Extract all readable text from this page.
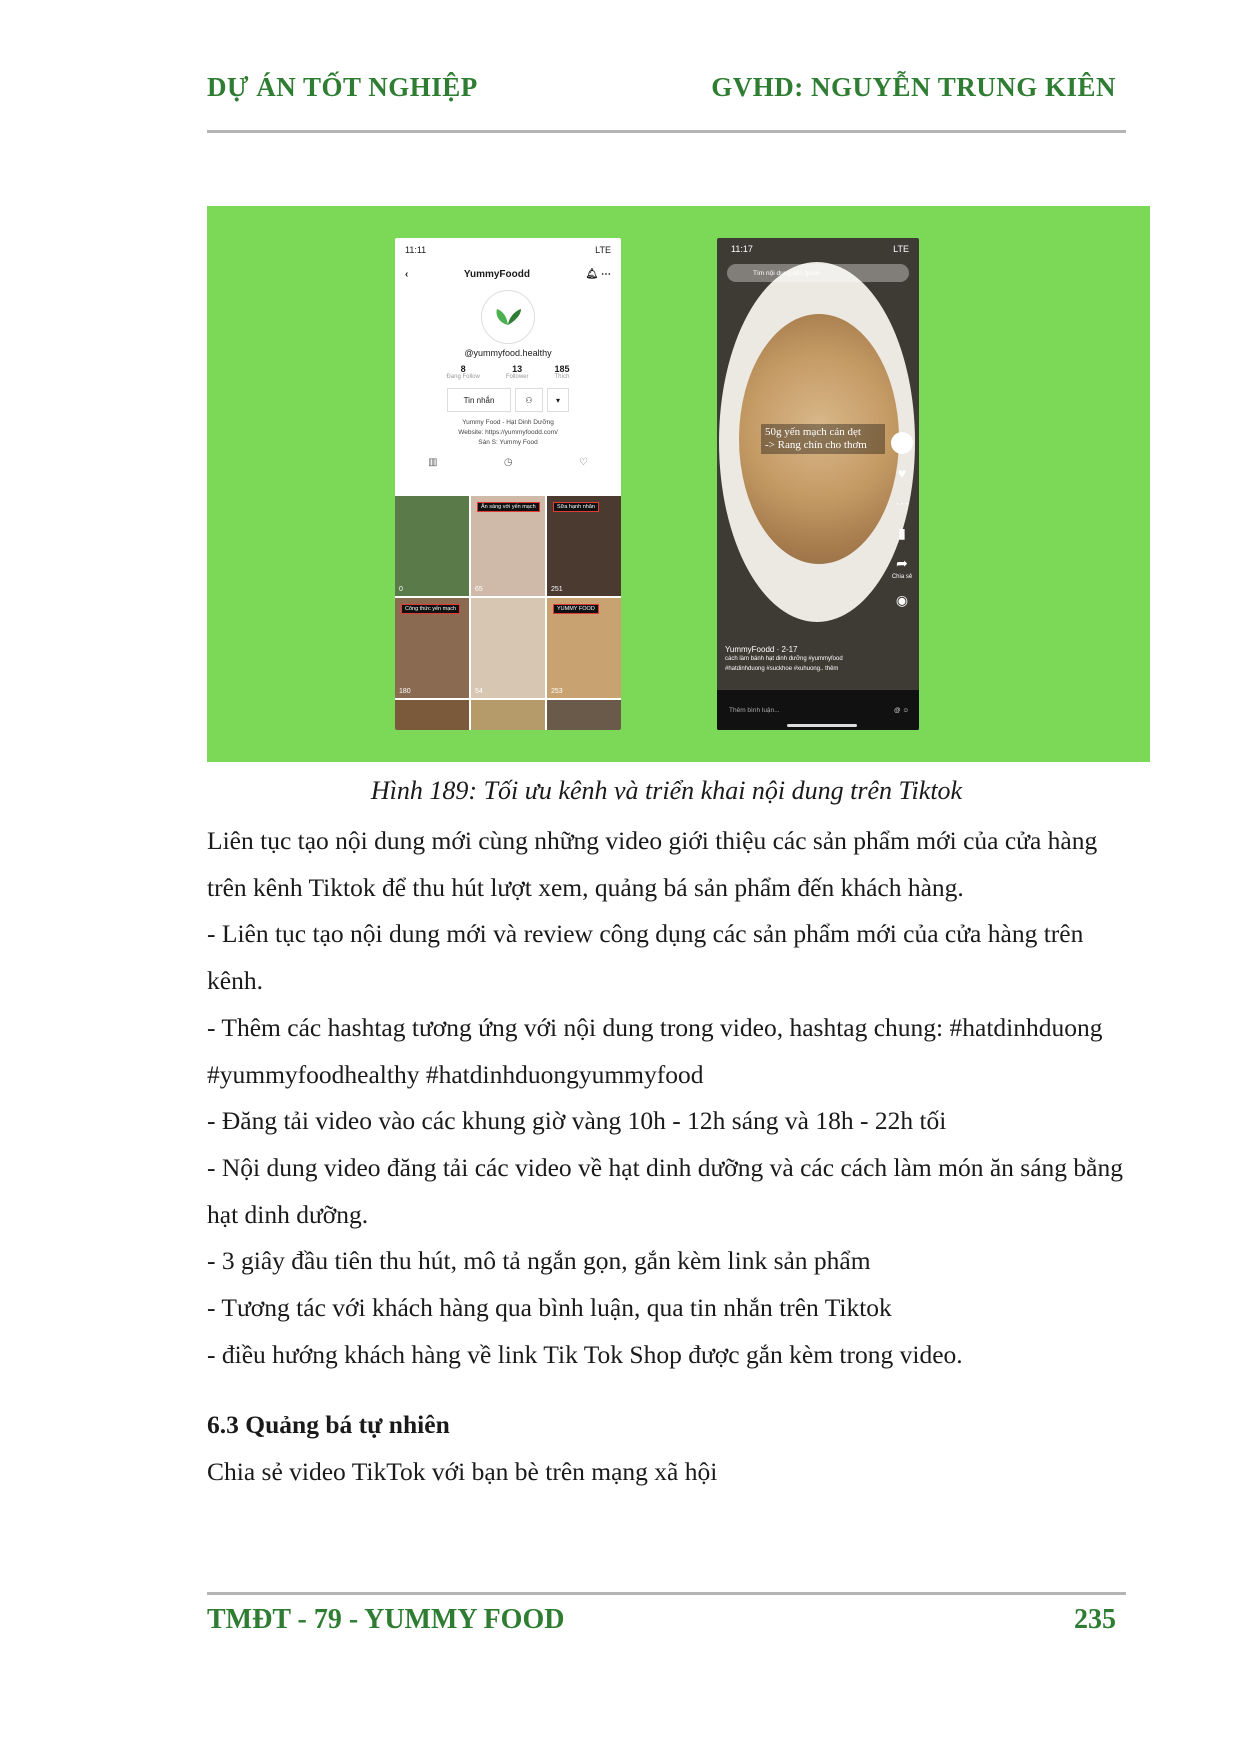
DỰ ÁN TỐT NGHIỆP	GVHD: NGUYỄN TRUNG KIÊN
11:11	LTE
‹	YummyFoodd	🔔︎ ⋯
@yummyfood.healthy
8
Đang Follow
13
Follower
185
Thích
Tin nhắn	⚇	▾
Yummy Food - Hạt Dinh Dưỡng
Website: https://yummyfoodd.com/
Sàn S: Yummy Food
▥	◷	♡
0
Ăn sáng với yến mạch
65
Sữa hạnh nhân
251
Công thức yến mạch
180	54
YUMMY FOOD
253
11:17	LTE
Tìm nội dung liên quan
50g yến mạch cán dẹt
-> Rang chín cho thơm
♥
⋯
▮
➦
Chia sẻ
◉
YummyFoodd · 2-17
cách làm bánh hạt dinh dưỡng #yummyfood
#hatdinhduong #suckhoe #xuhuong.. thêm
Thêm bình luận...	@ ☺
Hình 189: Tối ưu kênh và triển khai nội dung trên Tiktok

Liên tục tạo nội dung mới cùng những video giới thiệu các sản phẩm mới của cửa hàng trên kênh Tiktok để thu hút lượt xem, quảng bá sản phẩm đến khách hàng.

- Liên tục tạo nội dung mới và review công dụng các sản phẩm mới của cửa hàng trên kênh.

- Thêm các hashtag tương ứng với nội dung trong video, hashtag chung: #hatdinhduong #yummyfoodhealthy #hatdinhduongyummyfood

- Đăng tải video vào các khung giờ vàng 10h - 12h sáng và 18h - 22h tối

- Nội dung video đăng tải các video về hạt dinh dưỡng và các cách làm món ăn sáng bằng hạt dinh dưỡng.

- 3 giây đầu tiên thu hút, mô tả ngắn gọn, gắn kèm link sản phẩm

- Tương tác với khách hàng qua bình luận, qua tin nhắn trên Tiktok

- điều hướng khách hàng về link Tik Tok Shop được gắn kèm trong video.

6.3 Quảng bá tự nhiên
Chia sẻ video TikTok với bạn bè trên mạng xã hội
TMĐT - 79 - YUMMY FOOD	235
